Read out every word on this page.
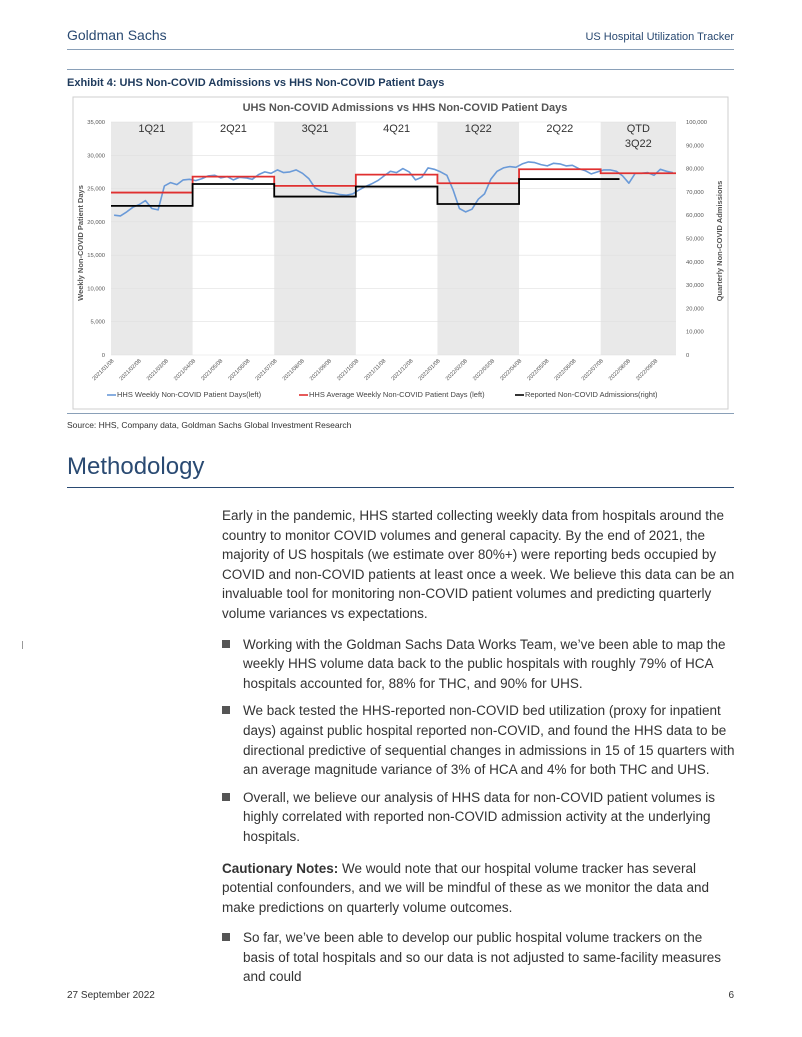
Goldman Sachs	US Hospital Utilization Tracker
Exhibit 4: UHS Non-COVID Admissions vs HHS Non-COVID Patient Days
1Q21	2Q21	3Q21	4Q21	1Q22	2Q22	QTD 3Q22
0
5,000
10,000
15,000
20,000
25,000
30,000
35,000
0
10,000
20,000
30,000
40,000
50,000
60,000
70,000
80,000
90,000
100,000
2021/01/08 2021/02/08 2021/03/08 2021/04/08 2021/05/08 2021/06/08 2021/07/08 2021/08/08 2021/09/08 2021/10/08 2021/11/08 2021/12/08 2022/01/08 2022/02/08 2022/03/08 2022/04/08 2022/05/08 2022/06/08 2022/07/08 2022/08/08 2022/09/08
UHS Non-COVID Admissions vs HHS Non-COVID Patient Days
Weekly Non-COVID Patient Days	Quarterly Non-COVID Admissions
HHS Weekly Non-COVID Patient Days(left)	HHS Average Weekly Non-COVID Patient Days (left)	Reported Non-COVID Admissions(right)
Source: HHS, Company data, Goldman Sachs Global Investment Research
Methodology

Early in the pandemic, HHS started collecting weekly data from hospitals around the country to monitor COVID volumes and general capacity. By the end of 2021, the majority of US hospitals (we estimate over 80%+) were reporting beds occupied by COVID and non-COVID patients at least once a week. We believe this data can be an invaluable tool for monitoring non-COVID patient volumes and predicting quarterly volume variances vs expectations.

Working with the Goldman Sachs Data Works Team, we’ve been able to map the weekly HHS volume data back to the public hospitals with roughly 79% of HCA hospitals accounted for, 88% for THC, and 90% for UHS.
We back tested the HHS-reported non-COVID bed utilization (proxy for inpatient days) against public hospital reported non-COVID, and found the HHS data to be directional predictive of sequential changes in admissions in 15 of 15 quarters with an average magnitude variance of 3% of HCA and 4% for both THC and UHS.
Overall, we believe our analysis of HHS data for non-COVID patient volumes is highly correlated with reported non-COVID admission activity at the underlying hospitals.

Cautionary Notes: We would note that our hospital volume tracker has several potential confounders, and we will be mindful of these as we monitor the data and make predictions on quarterly volume outcomes.

So far, we’ve been able to develop our public hospital volume trackers on the basis of total hospitals and so our data is not adjusted to same-facility measures and could
27 September 2022	6
